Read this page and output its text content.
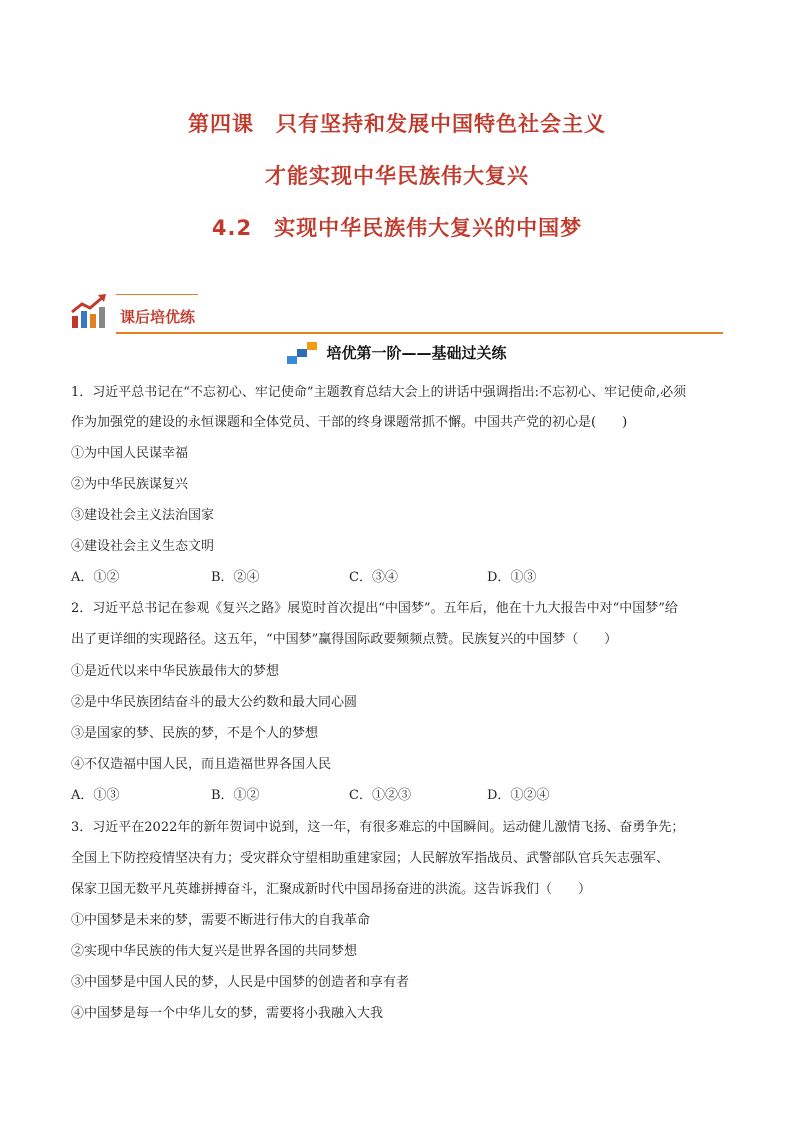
第四课　只有坚持和发展中国特色社会主义
才能实现中华民族伟大复兴
4.2　实现中华民族伟大复兴的中国梦
课后培优练
培优第一阶——基础过关练
1．习近平总书记在“不忘初心、牢记使命”主题教育总结大会上的讲话中强调指出:不忘初心、牢记使命,必须
作为加强党的建设的永恒课题和全体党员、干部的终身课题常抓不懈。中国共产党的初心是(　　)
①为中国人民谋幸福
②为中华民族谋复兴
③建设社会主义法治国家
④建设社会主义生态文明
A．①②	B．②④	C．③④	D．①③
2．习近平总书记在参观《复兴之路》展览时首次提出“中国梦”。五年后，他在十九大报告中对“中国梦”给
出了更详细的实现路径。这五年，“中国梦”赢得国际政要频频点赞。民族复兴的中国梦（　　）
①是近代以来中华民族最伟大的梦想
②是中华民族团结奋斗的最大公约数和最大同心圆
③是国家的梦、民族的梦，不是个人的梦想
④不仅造福中国人民，而且造福世界各国人民
A．①③	B．①②	C．①②③	D．①②④
3．习近平在2022年的新年贺词中说到，这一年，有很多难忘的中国瞬间。运动健儿激情飞扬、奋勇争先；
全国上下防控疫情坚决有力；受灾群众守望相助重建家园；人民解放军指战员、武警部队官兵矢志强军、
保家卫国无数平凡英雄拼搏奋斗，汇聚成新时代中国昂扬奋进的洪流。这告诉我们（　　）
①中国梦是未来的梦，需要不断进行伟大的自我革命
②实现中华民族的伟大复兴是世界各国的共同梦想
③中国梦是中国人民的梦，人民是中国梦的创造者和享有者
④中国梦是每一个中华儿女的梦，需要将小我融入大我
